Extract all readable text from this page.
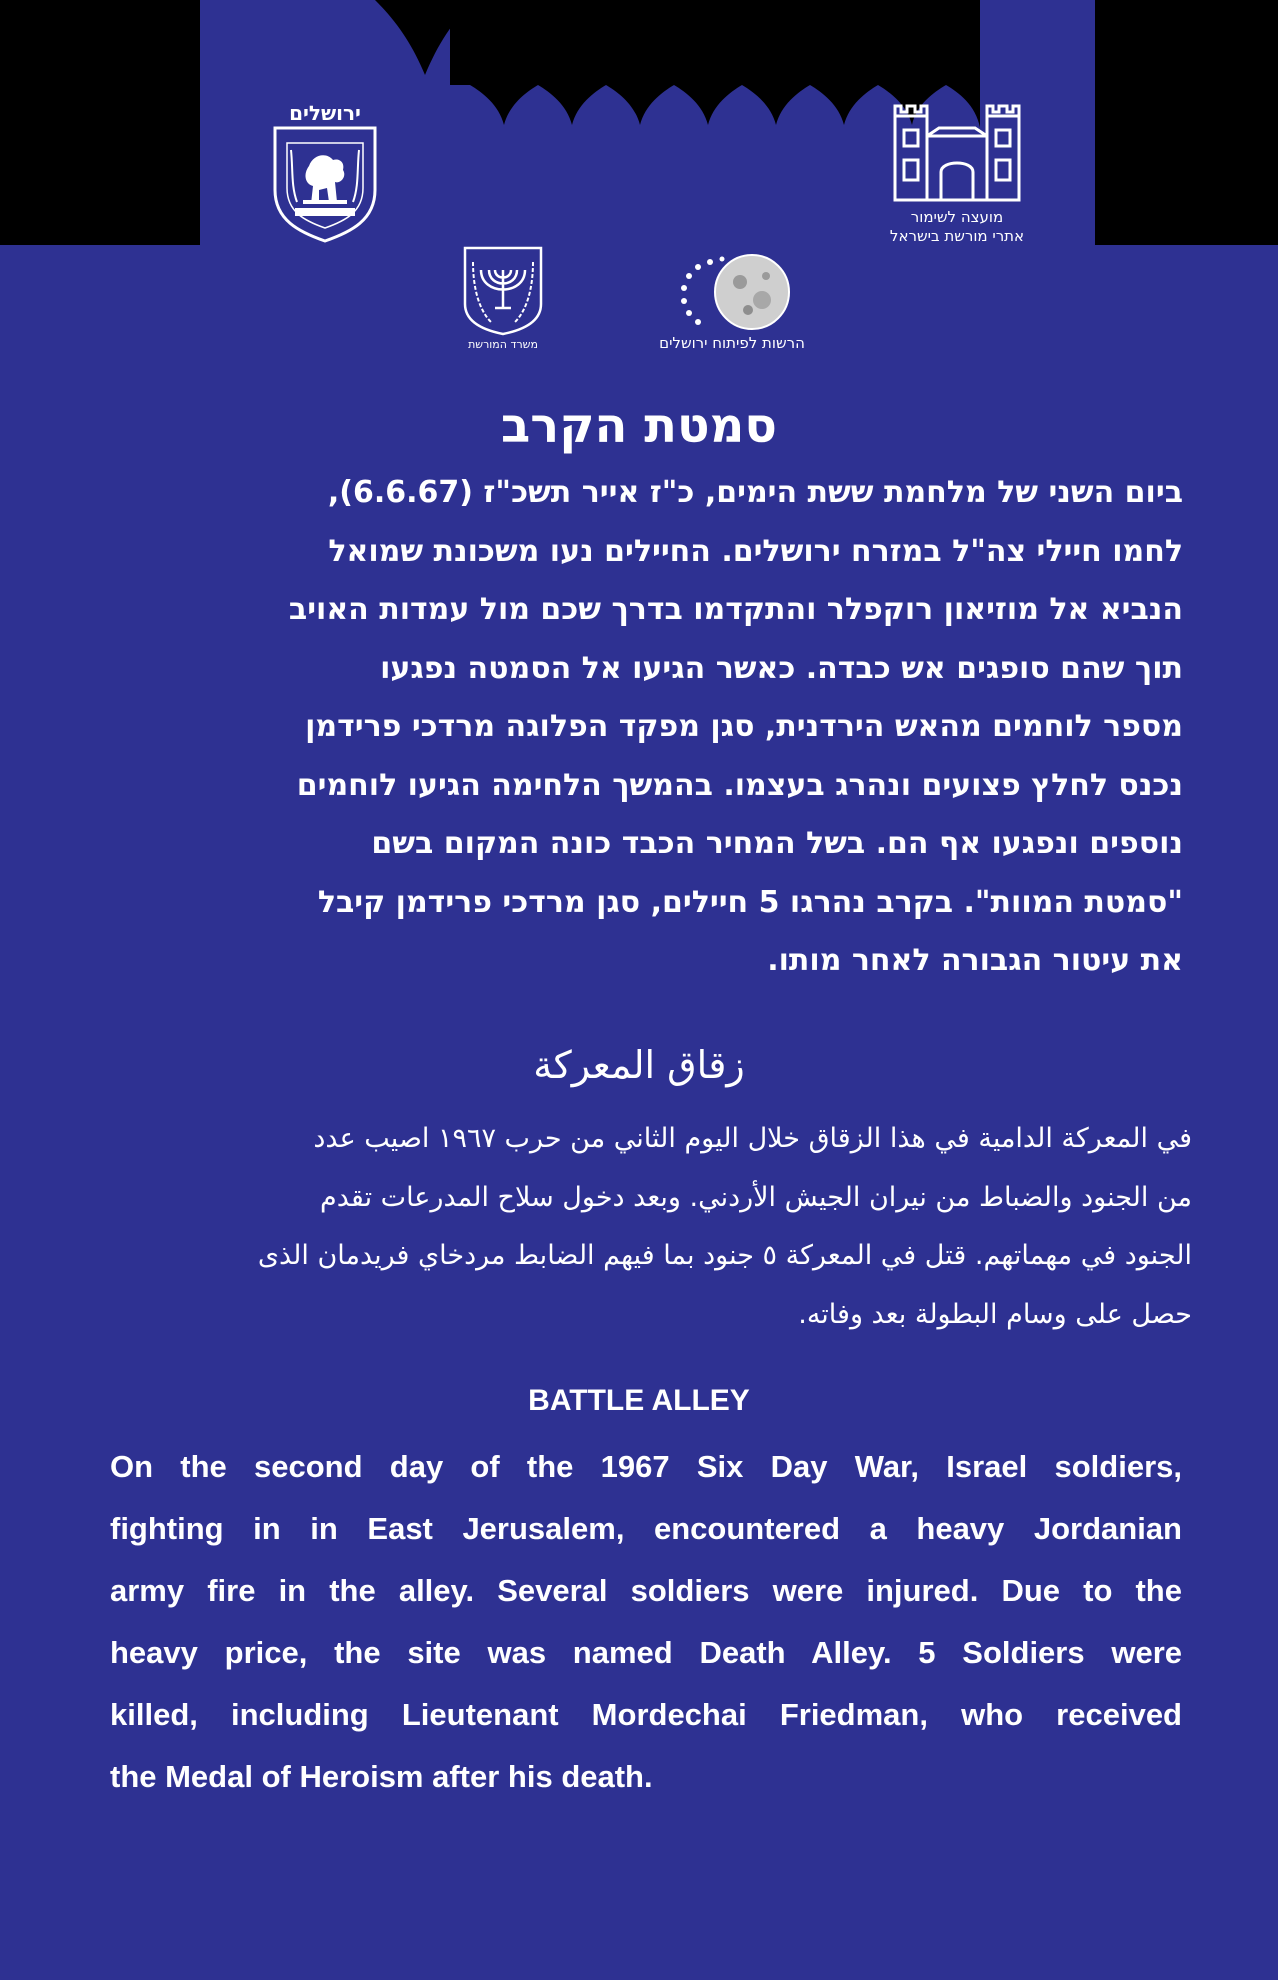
ירושלים
מועצה לשימור
אתרי מורשת בישראל
משרד המורשת	הרשות לפיתוח ירושלים
סמטת הקרב
ביום השני של מלחמת ששת הימים, כ"ז אייר תשכ"ז (6.6.67),
לחמו חיילי צה"ל במזרח ירושלים. החיילים נעו משכונת שמואל
הנביא אל מוזיאון רוקפלר והתקדמו בדרך שכם מול עמדות האויב
תוך שהם סופגים אש כבדה. כאשר הגיעו אל הסמטה נפגעו
מספר לוחמים מהאש הירדנית, סגן מפקד הפלוגה מרדכי פרידמן
נכנס לחלץ פצועים ונהרג בעצמו. בהמשך הלחימה הגיעו לוחמים
נוספים ונפגעו אף הם. בשל המחיר הכבד כונה המקום בשם
"סמטת המוות". בקרב נהרגו 5 חיילים, סגן מרדכי פרידמן קיבל
את עיטור הגבורה לאחר מותו.
زقاق المعركة
في المعركة الدامية في هذا الزقاق خلال اليوم الثاني من حرب ١٩٦٧ اصيب عدد
من الجنود والضباط من نيران الجيش الأردني. وبعد دخول سلاح المدرعات تقدم
الجنود في مهماتهم. قتل في المعركة ٥ جنود بما فيهم الضابط مردخاي فريدمان الذى
حصل على وسام البطولة بعد وفاته.
BATTLE ALLEY
On the second day of the 1967 Six Day War, Israel soldiers,
fighting in in East Jerusalem, encountered a heavy Jordanian
army fire in the alley. Several soldiers were injured. Due to the
heavy price, the site was named Death Alley. 5 Soldiers were
killed, including Lieutenant Mordechai Friedman, who received
the Medal of Heroism after his death.
